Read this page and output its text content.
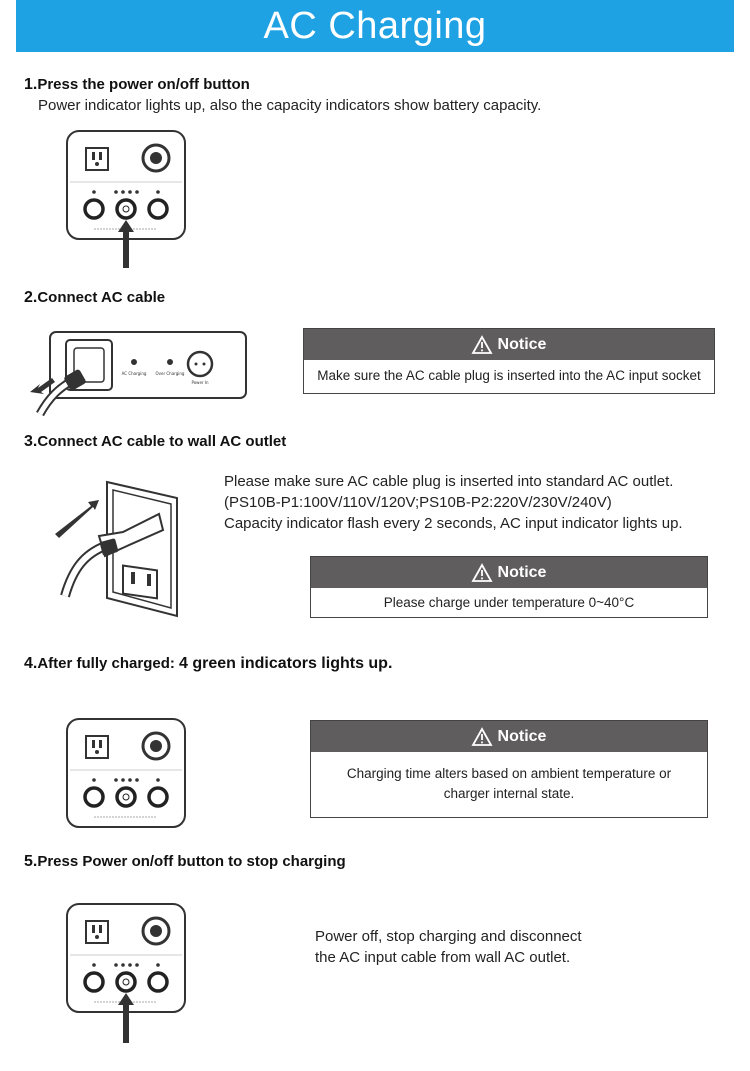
AC Charging
1.Press the power on/off button
Power indicator lights up, also the capacity indicators show battery capacity.
2.Connect AC cable
AC Charging Over Charging
Power In
Notice
Make sure the AC cable plug is inserted into the AC input socket
3.Connect AC cable to wall AC outlet
Please make sure AC cable plug is inserted into standard AC outlet.
(PS10B-P1:100V/110V/120V;PS10B-P2:220V/230V/240V)
Capacity indicator flash every 2 seconds, AC input indicator lights up.
Notice
Please charge under temperature 0~40°C
4.After fully charged: 4 green indicators lights up.
Notice
Charging time alters based on ambient temperature or
charger internal state.
5.Press Power on/off button to stop charging
Power off, stop charging and disconnect
the AC input cable from wall AC outlet.
